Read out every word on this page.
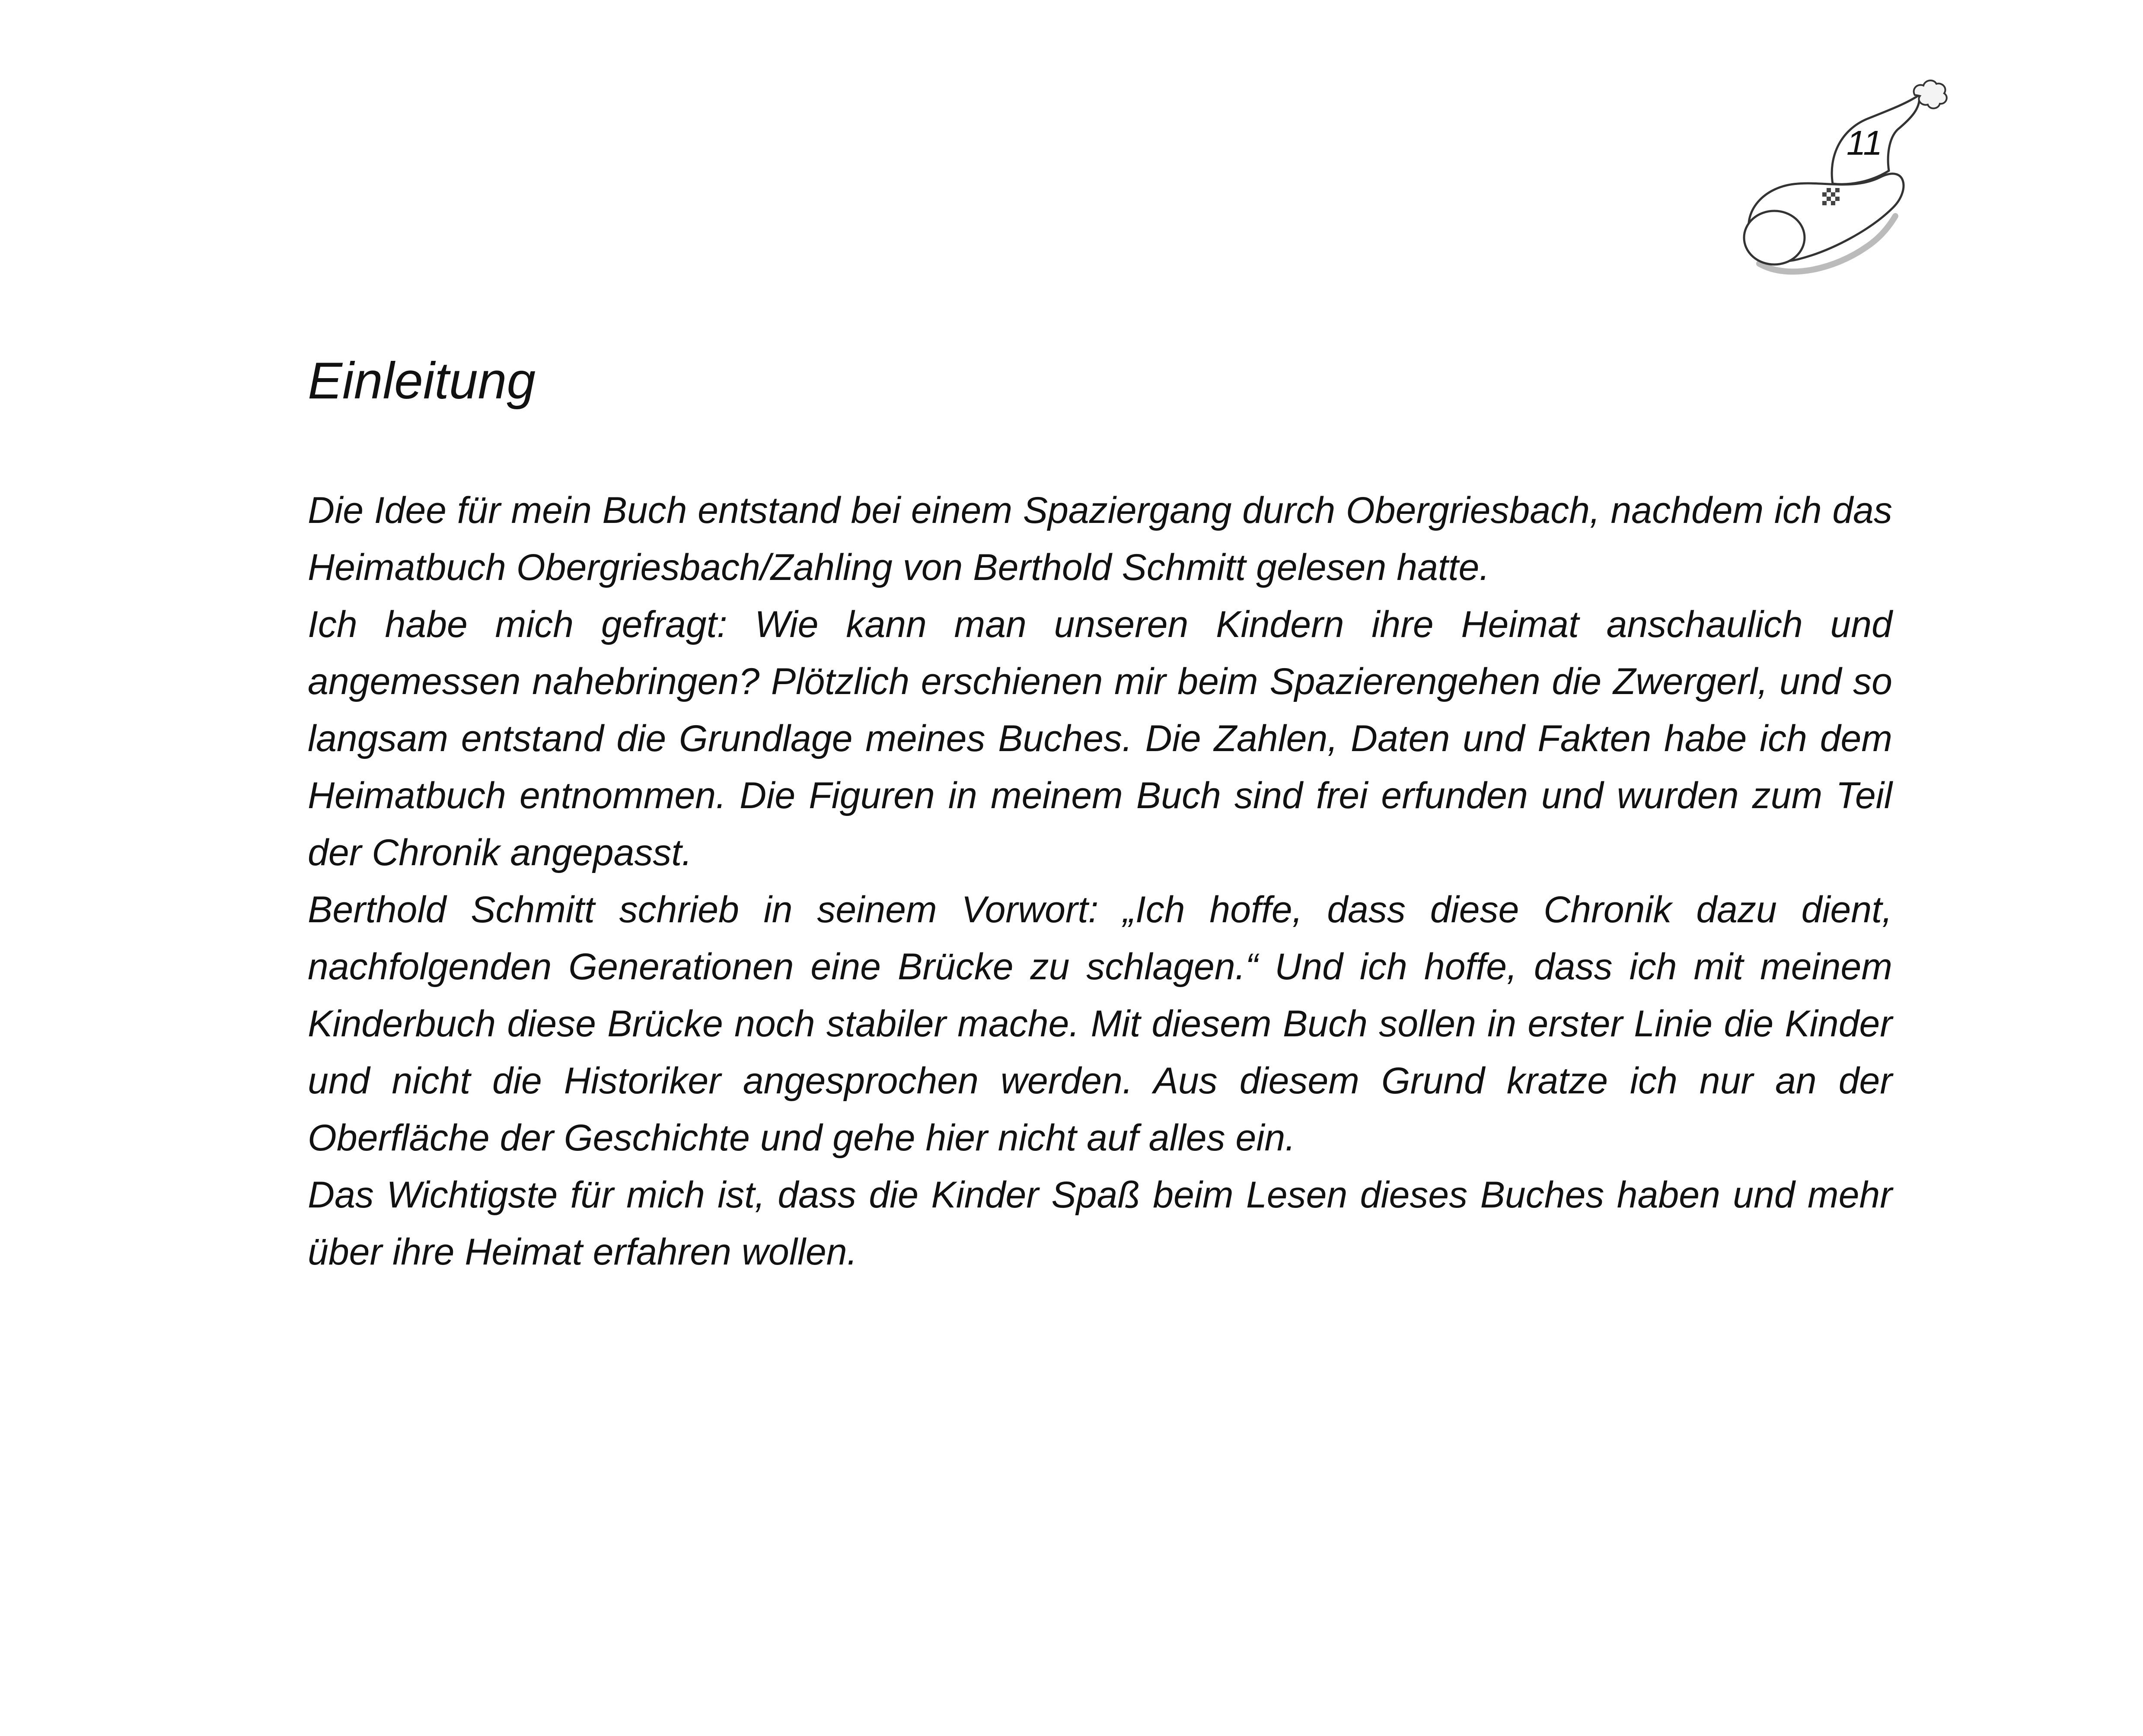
11
Einleitung

Die Idee für mein Buch entstand bei einem Spaziergang durch Obergriesbach, nachdem ich das Heimatbuch Obergriesbach/Zahling von Berthold Schmitt gelesen hatte.

Ich habe mich gefragt: Wie kann man unseren Kindern ihre Heimat anschaulich und angemessen nahebringen? Plötzlich erschienen mir beim Spazierengehen die Zwergerl, und so langsam entstand die Grundlage meines Buches. Die Zahlen, Daten und Fakten habe ich dem Heimatbuch entnommen. Die Figuren in meinem Buch sind frei erfunden und wurden zum Teil der Chronik angepasst.

Berthold Schmitt schrieb in seinem Vorwort: „Ich hoffe, dass diese Chronik dazu dient, nachfolgenden Generationen eine Brücke zu schlagen.“ Und ich hoffe, dass ich mit meinem Kinderbuch diese Brücke noch stabiler mache. Mit diesem Buch sollen in erster Linie die Kinder und nicht die Historiker angesprochen werden. Aus diesem Grund kratze ich nur an der Oberfläche der Geschichte und gehe hier nicht auf alles ein.

Das Wichtigste für mich ist, dass die Kinder Spaß beim Lesen dieses Buches haben und mehr über ihre Heimat erfahren wollen.
